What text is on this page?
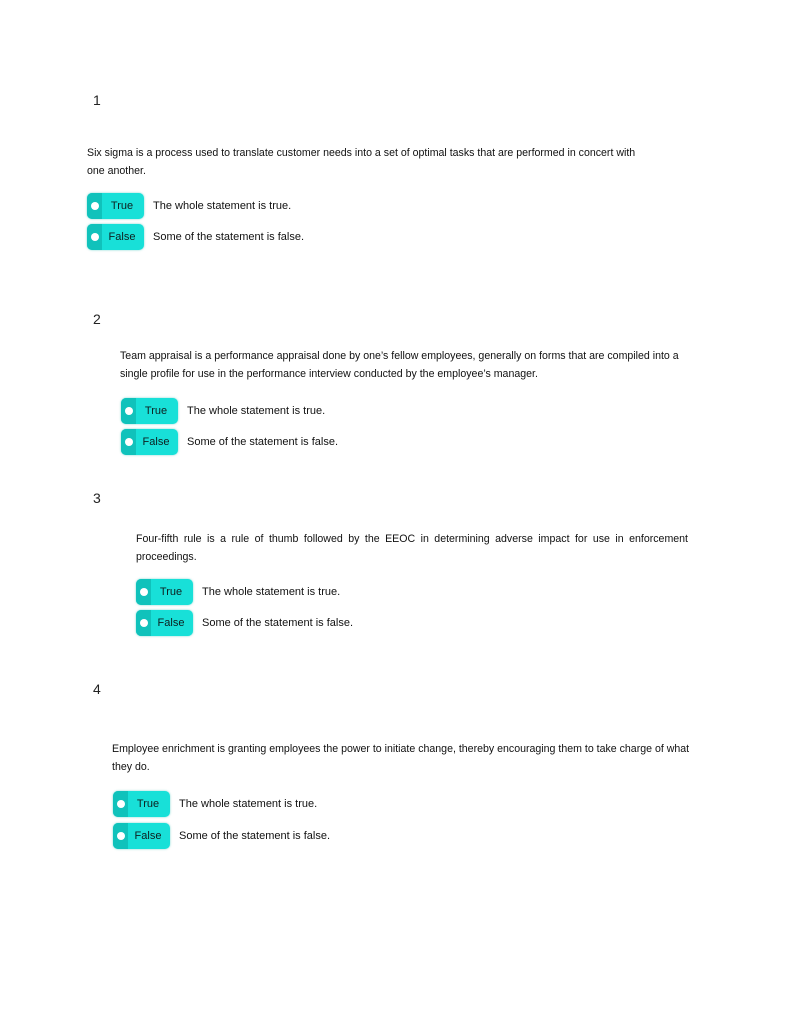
1
Six sigma is a process used to translate customer needs into a set of optimal tasks that are performed in concert with one another.
True	The whole statement is true.
False	Some of the statement is false.
2
Team appraisal is a performance appraisal done by one’s fellow employees, generally on forms that are compiled into a single profile for use in the performance interview conducted by the employee’s manager.
True	The whole statement is true.
False	Some of the statement is false.
3
Four-fifth rule is a rule of thumb followed by the EEOC in determining adverse impact for use in enforcement proceedings.
True	The whole statement is true.
False	Some of the statement is false.
4
Employee enrichment is granting employees the power to initiate change, thereby encouraging them to take charge of what they do.
True	The whole statement is true.
False	Some of the statement is false.
